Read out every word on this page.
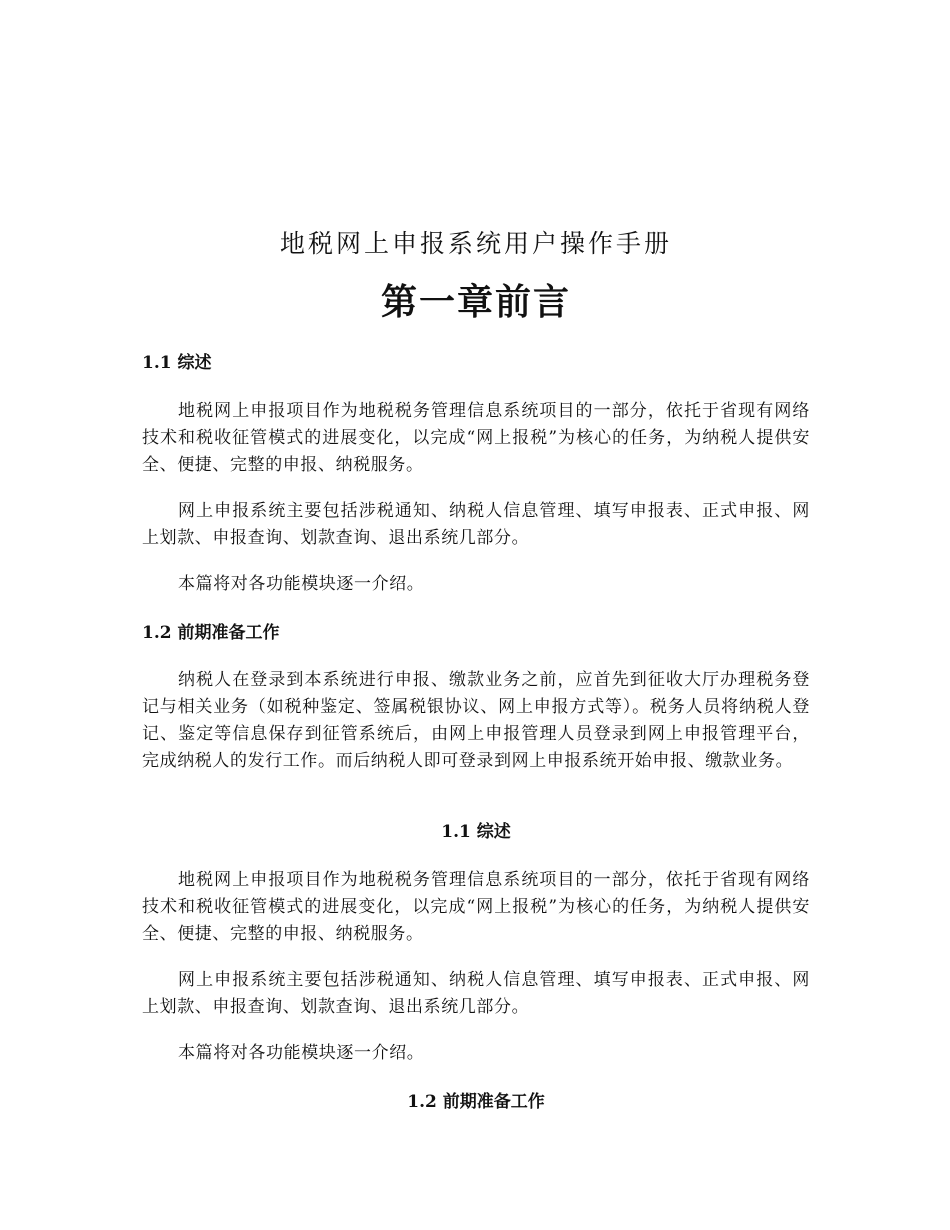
地税网上申报系统用户操作手册
第一章前言
1.1 综述

地税网上申报项目作为地税税务管理信息系统项目的一部分，依托于省现有网络技术和税收征管模式的进展变化，以完成“网上报税”为核心的任务，为纳税人提供安全、便捷、完整的申报、纳税服务。

网上申报系统主要包括涉税通知、纳税人信息管理、填写申报表、正式申报、网上划款、申报查询、划款查询、退出系统几部分。

本篇将对各功能模块逐一介绍。

1.2 前期准备工作

纳税人在登录到本系统进行申报、缴款业务之前，应首先到征收大厅办理税务登记与相关业务（如税种鉴定、签属税银协议、网上申报方式等）。税务人员将纳税人登记、鉴定等信息保存到征管系统后，由网上申报管理人员登录到网上申报管理平台，完成纳税人的发行工作。而后纳税人即可登录到网上申报系统开始申报、缴款业务。

1.1 综述

地税网上申报项目作为地税税务管理信息系统项目的一部分，依托于省现有网络技术和税收征管模式的进展变化，以完成“网上报税”为核心的任务，为纳税人提供安全、便捷、完整的申报、纳税服务。

网上申报系统主要包括涉税通知、纳税人信息管理、填写申报表、正式申报、网上划款、申报查询、划款查询、退出系统几部分。

本篇将对各功能模块逐一介绍。

1.2 前期准备工作
